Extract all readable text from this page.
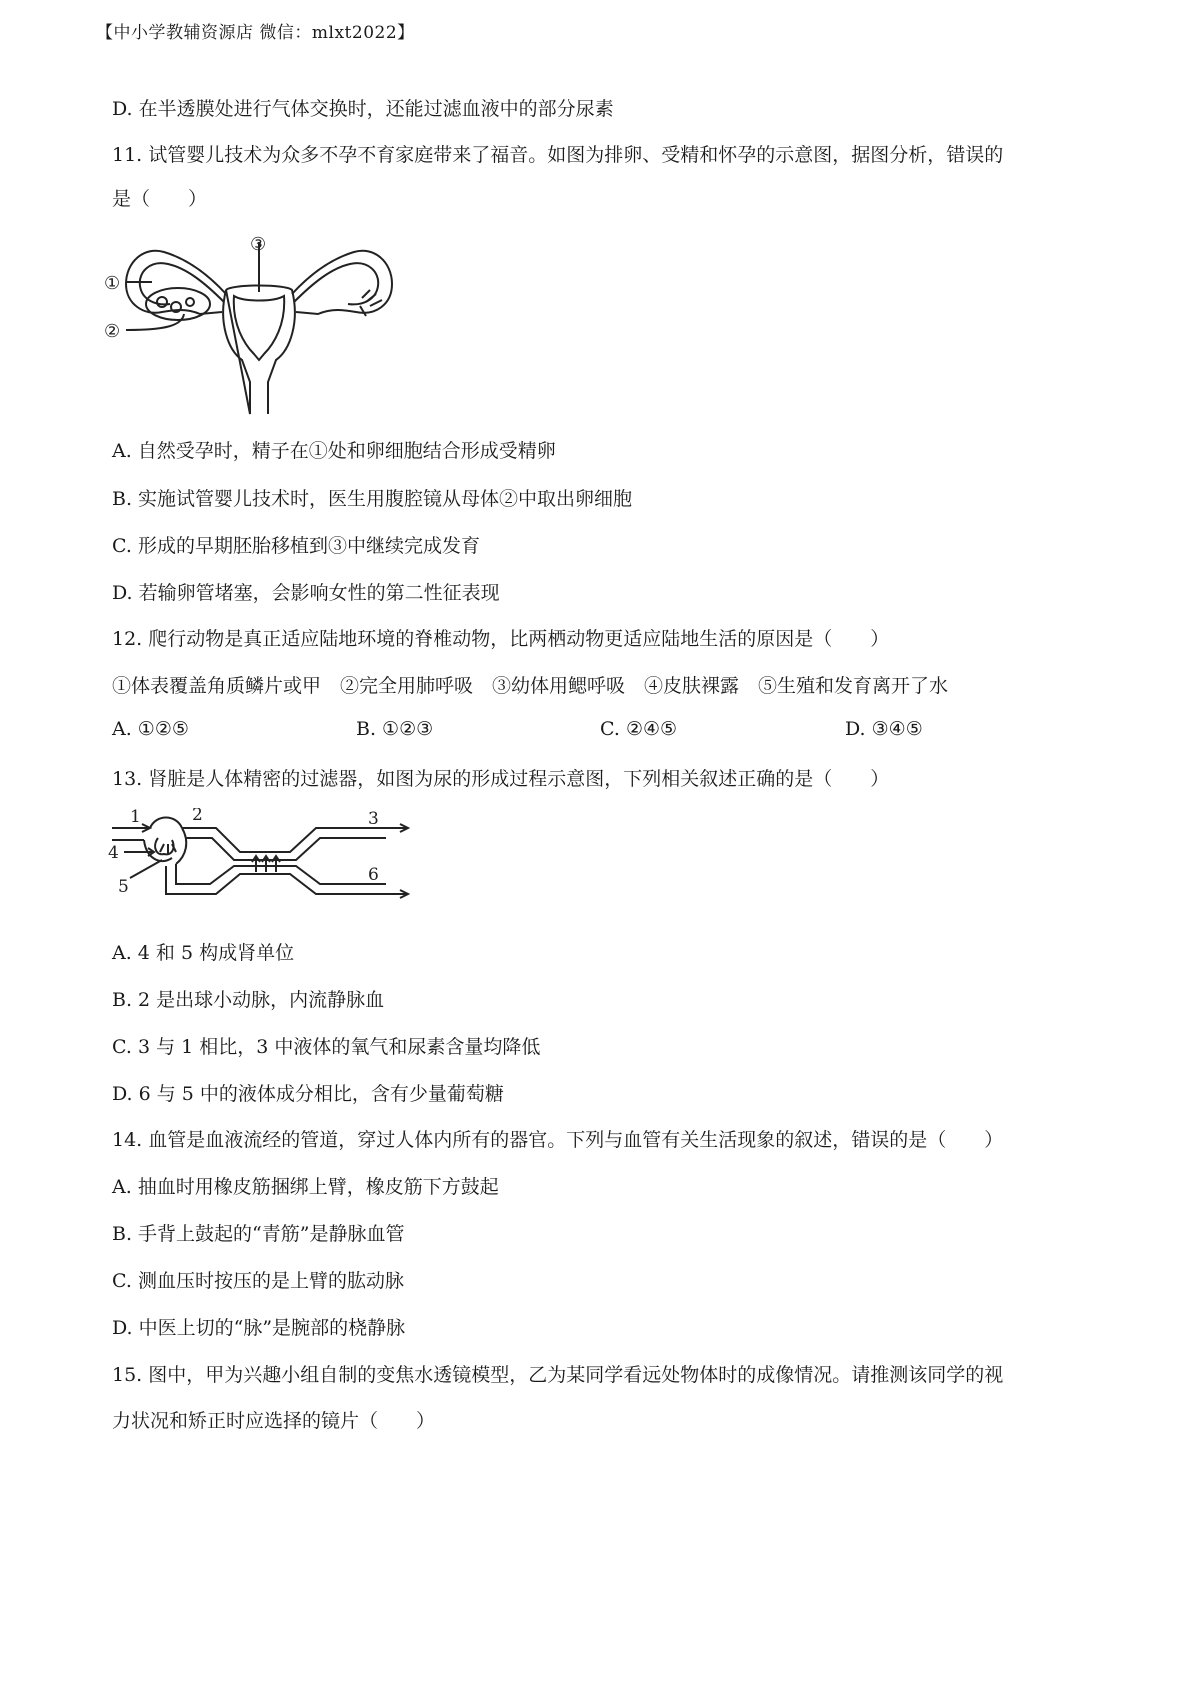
【中小学教辅资源店 微信：mlxt2022】
D. 在半透膜处进行气体交换时，还能过滤血液中的部分尿素
11. 试管婴儿技术为众多不孕不育家庭带来了福音。如图为排卵、受精和怀孕的示意图，据图分析，错误的
是（　　）
①
②
③
A. 自然受孕时，精子在①处和卵细胞结合形成受精卵
B. 实施试管婴儿技术时，医生用腹腔镜从母体②中取出卵细胞
C. 形成的早期胚胎移植到③中继续完成发育
D. 若输卵管堵塞，会影响女性的第二性征表现
12. 爬行动物是真正适应陆地环境的脊椎动物，比两栖动物更适应陆地生活的原因是（　　）
①体表覆盖角质鳞片或甲　②完全用肺呼吸　③幼体用鳃呼吸　④皮肤裸露　⑤生殖和发育离开了水
A. ①②⑤	B. ①②③	C. ②④⑤	D. ③④⑤
13. 肾脏是人体精密的过滤器，如图为尿的形成过程示意图，下列相关叙述正确的是（　　）
1	2	3
4
5
6
A. 4 和 5 构成肾单位
B. 2 是出球小动脉，内流静脉血
C. 3 与 1 相比，3 中液体的氧气和尿素含量均降低
D. 6 与 5 中的液体成分相比，含有少量葡萄糖
14. 血管是血液流经的管道，穿过人体内所有的器官。下列与血管有关生活现象的叙述，错误的是（　　）
A. 抽血时用橡皮筋捆绑上臂，橡皮筋下方鼓起
B. 手背上鼓起的“青筋”是静脉血管
C. 测血压时按压的是上臂的肱动脉
D. 中医上切的“脉”是腕部的桡静脉
15. 图中，甲为兴趣小组自制的变焦水透镜模型，乙为某同学看远处物体时的成像情况。请推测该同学的视
力状况和矫正时应选择的镜片（　　）
